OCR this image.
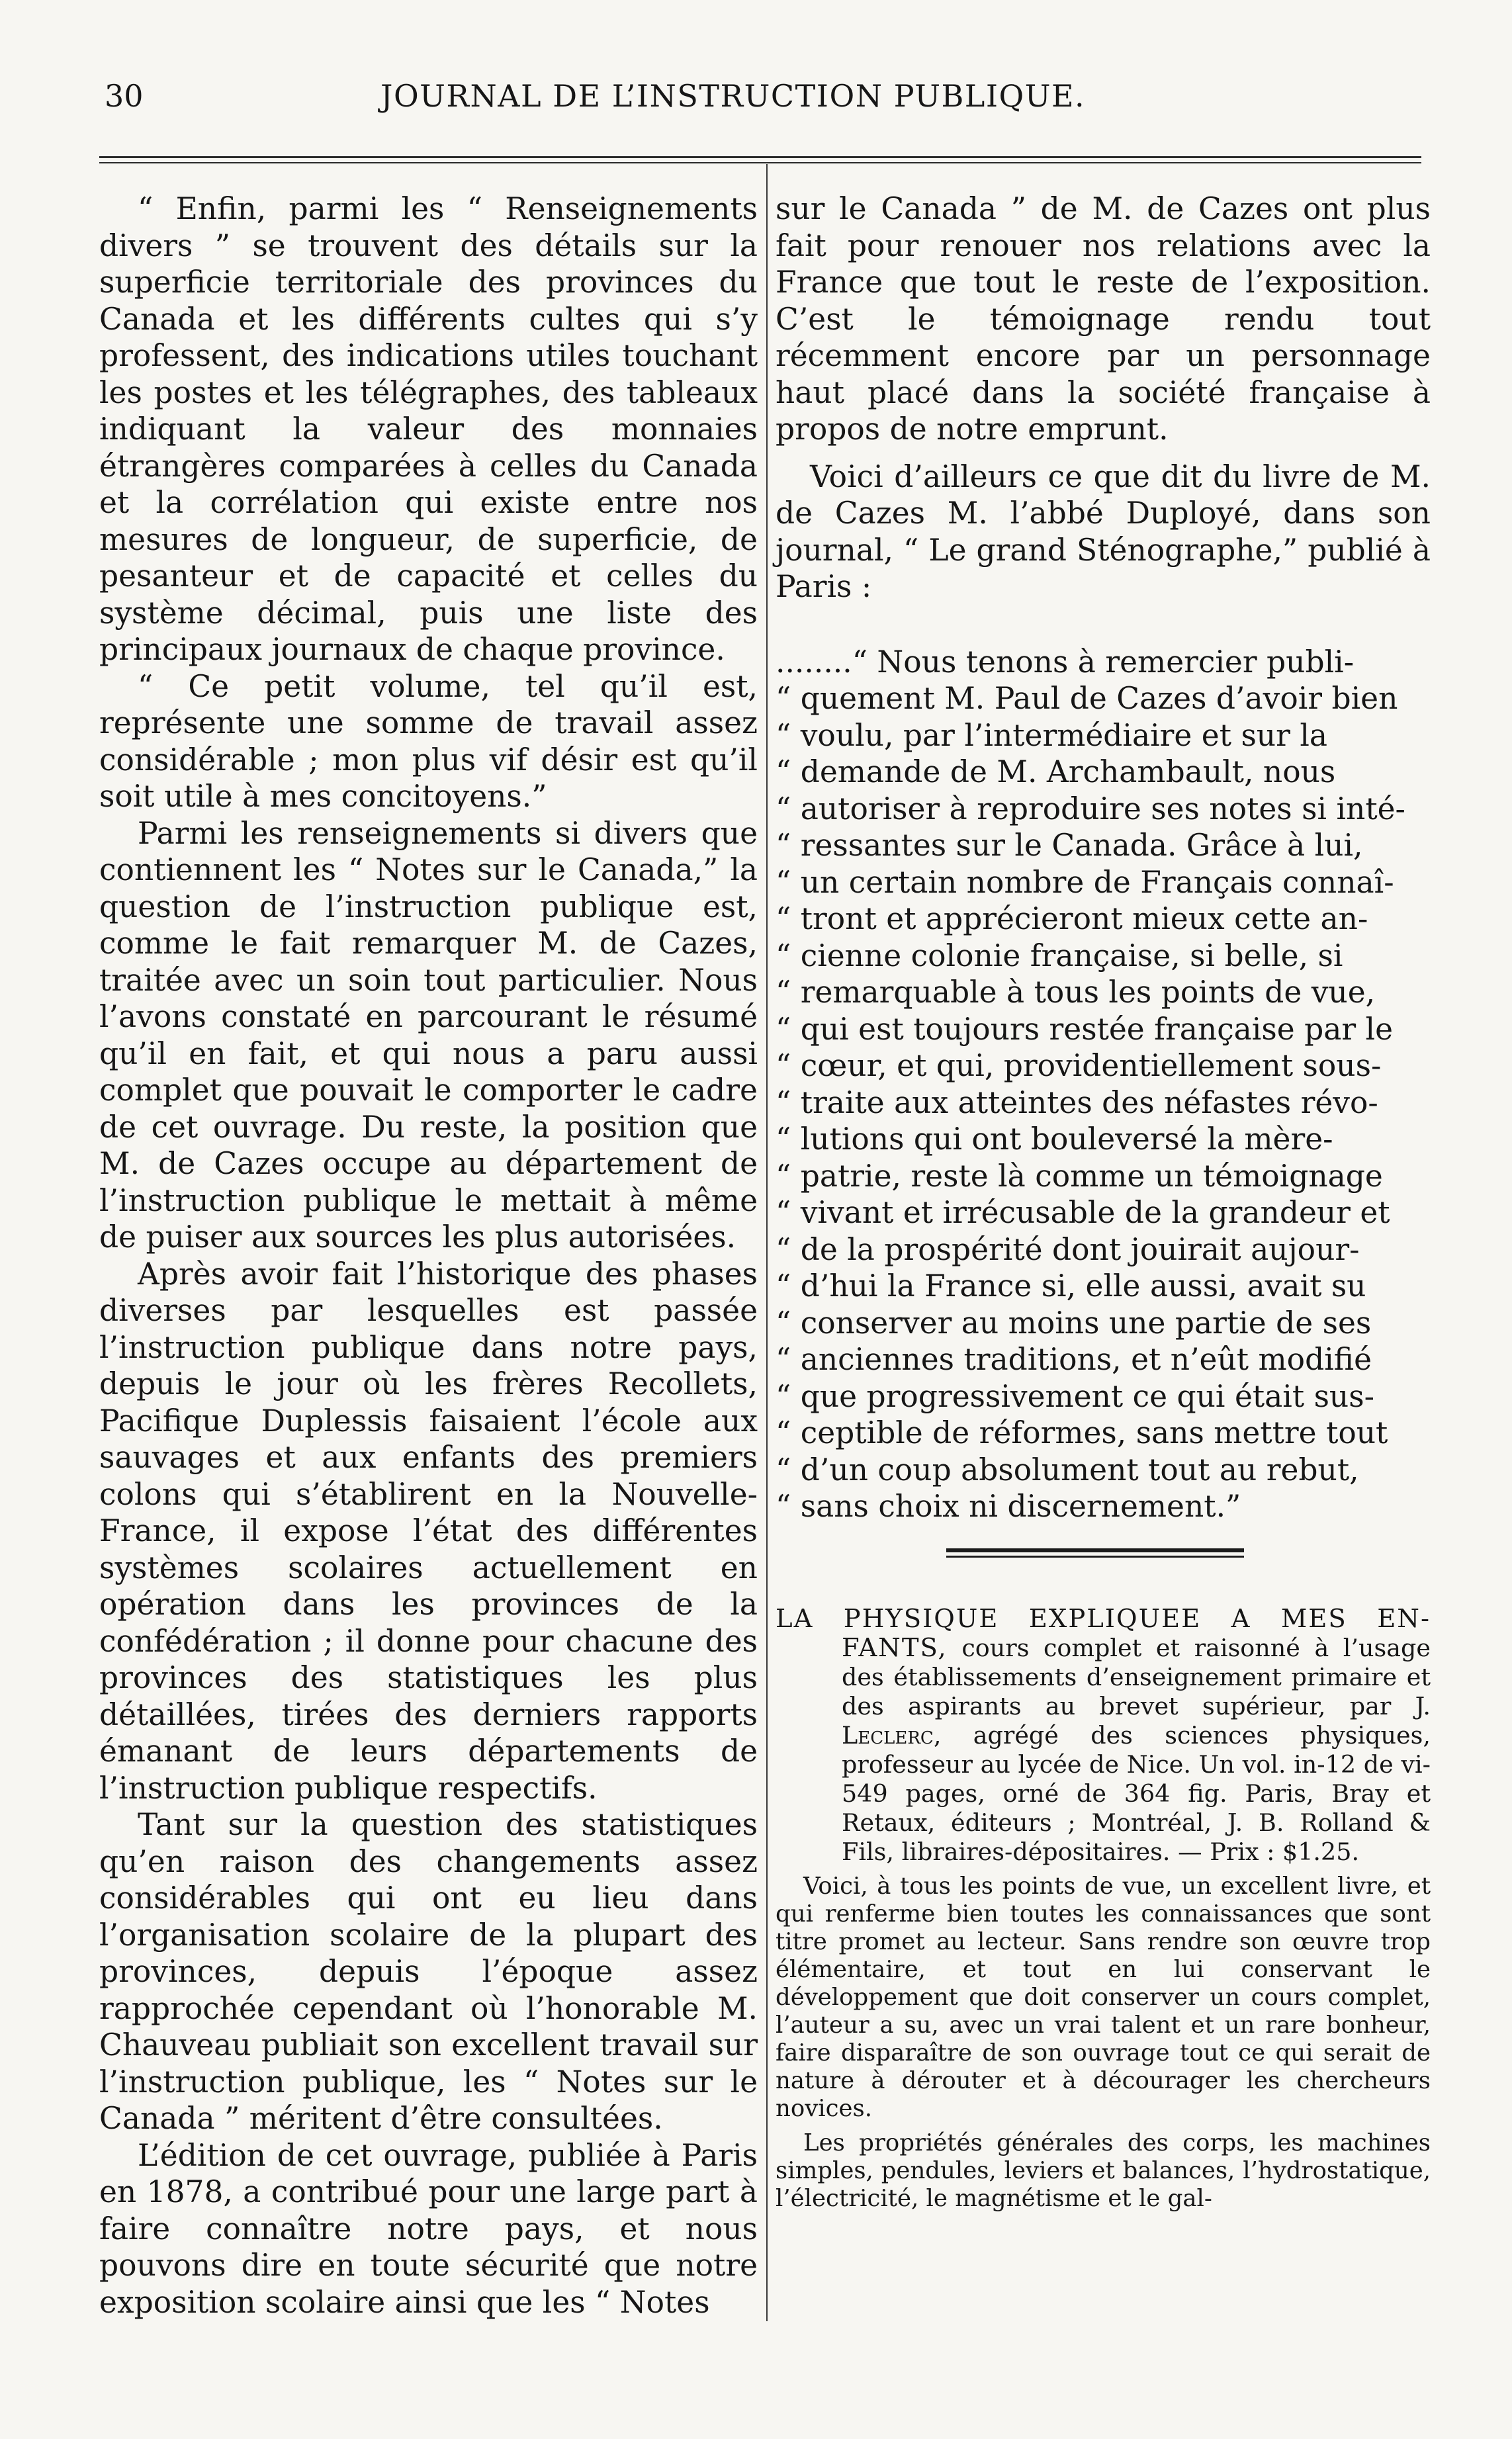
30	JOURNAL DE L’INSTRUCTION PUBLIQUE.

“ Enfin, parmi les “ Renseignements divers ” se trouvent des détails sur la superficie territoriale des provinces du Canada et les différents cultes qui s’y professent, des indications utiles touchant les postes et les télégraphes, des tableaux indiquant la valeur des monnaies étrangères comparées à celles du Canada et la corrélation qui existe entre nos mesures de longueur, de superficie, de pesanteur et de capacité et celles du système décimal, puis une liste des principaux journaux de chaque province.

“ Ce petit volume, tel qu’il est, représente une somme de travail assez considérable ; mon plus vif désir est qu’il soit utile à mes concitoyens.”

Parmi les renseignements si divers que contiennent les “ Notes sur le Canada,” la question de l’instruction publique est, comme le fait remarquer M. de Cazes, traitée avec un soin tout particulier. Nous l’avons constaté en parcourant le résumé qu’il en fait, et qui nous a paru aussi complet que pouvait le comporter le cadre de cet ouvrage. Du reste, la position que M. de Cazes occupe au département de l’instruction publique le mettait à même de puiser aux sources les plus autorisées.

Après avoir fait l’historique des phases diverses par lesquelles est passée l’instruction publique dans notre pays, depuis le jour où les frères Recollets, Pacifique Duplessis faisaient l’école aux sauvages et aux enfants des premiers colons qui s’établirent en la Nouvelle-France, il expose l’état des différentes systèmes scolaires actuellement en opération dans les provinces de la confédération ; il donne pour chacune des provinces des statistiques les plus détaillées, tirées des derniers rapports émanant de leurs départements de l’instruction publique respectifs.

Tant sur la question des statistiques qu’en raison des changements assez considérables qui ont eu lieu dans l’organisation scolaire de la plupart des provinces, depuis l’époque assez rapprochée cependant où l’honorable M. Chauveau publiait son excellent travail sur l’instruction publique, les “ Notes sur le Canada ” méritent d’être consultées.

L’édition de cet ouvrage, publiée à Paris en 1878, a contribué pour une large part à faire connaître notre pays, et nous pouvons dire en toute sécurité que notre exposition scolaire ainsi que les “ Notes

sur le Canada ” de M. de Cazes ont plus fait pour renouer nos relations avec la France que tout le reste de l’exposition. C’est le témoignage rendu tout récemment encore par un personnage haut placé dans la société française à propos de notre emprunt.

Voici d’ailleurs ce que dit du livre de M. de Cazes M. l’abbé Duployé, dans son journal, “ Le grand Sténographe,” publié à Paris :

........“ Nous tenons à remercier publi-

“ quement M. Paul de Cazes d’avoir bien

“ voulu, par l’intermédiaire et sur la

“ demande de M. Archambault, nous

“ autoriser à reproduire ses notes si inté-

“ ressantes sur le Canada. Grâce à lui,

“ un certain nombre de Français connaî-

“ tront et apprécieront mieux cette an-

“ cienne colonie française, si belle, si

“ remarquable à tous les points de vue,

“ qui est toujours restée française par le

“ cœur, et qui, providentiellement sous-

“ traite aux atteintes des néfastes révo-

“ lutions qui ont bouleversé la mère-

“ patrie, reste là comme un témoignage

“ vivant et irrécusable de la grandeur et

“ de la prospérité dont jouirait aujour-

“ d’hui la France si, elle aussi, avait su

“ conserver au moins une partie de ses

“ anciennes traditions, et n’eût modifié

“ que progressivement ce qui était sus-

“ ceptible de réformes, sans mettre tout

“ d’un coup absolument tout au rebut,

“ sans choix ni discernement.”

LA PHYSIQUE EXPLIQUEE A MES EN- FANTS, cours complet et raisonné à l’usage des établissements d’enseignement primaire et des aspirants au brevet supérieur, par J. Leclerc, agrégé des sciences physiques, professeur au lycée de Nice. Un vol. in-12 de vi-549 pages, orné de 364 fig. Paris, Bray et Retaux, éditeurs ; Montréal, J. B. Rolland & Fils, libraires-dépositaires. — Prix : $1.25.

Voici, à tous les points de vue, un excellent livre, et qui renferme bien toutes les connaissances que sont titre promet au lecteur. Sans rendre son œuvre trop élémentaire, et tout en lui conservant le développement que doit conserver un cours complet, l’auteur a su, avec un vrai talent et un rare bonheur, faire disparaître de son ouvrage tout ce qui serait de nature à dérouter et à décourager les chercheurs novices.

Les propriétés générales des corps, les machines simples, pendules, leviers et balances, l’hydrostatique, l’électricité, le magnétisme et le gal-
